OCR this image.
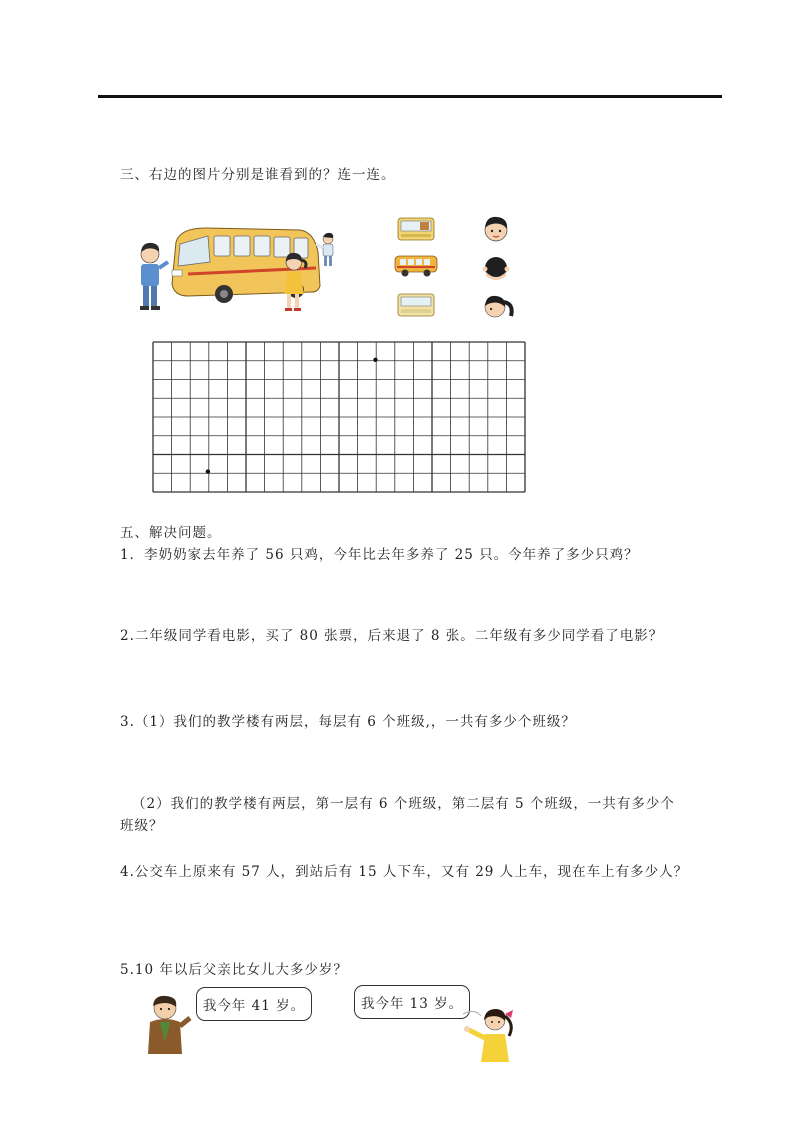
三、右边的图片分别是谁看到的？连一连。
五、解决问题。
1．李奶奶家去年养了 56 只鸡，今年比去年多养了 25 只。今年养了多少只鸡？
2.二年级同学看电影，买了 80 张票，后来退了 8 张。二年级有多少同学看了电影？
3.（1）我们的教学楼有两层，每层有 6 个班级,，一共有多少个班级？
（2）我们的教学楼有两层，第一层有 6 个班级，第二层有 5 个班级，一共有多少个
班级？
4.公交车上原来有 57 人，到站后有 15 人下车，又有 29 人上车，现在车上有多少人？
5.10 年以后父亲比女儿大多少岁？
我今年 41 岁。	我今年 13 岁。
